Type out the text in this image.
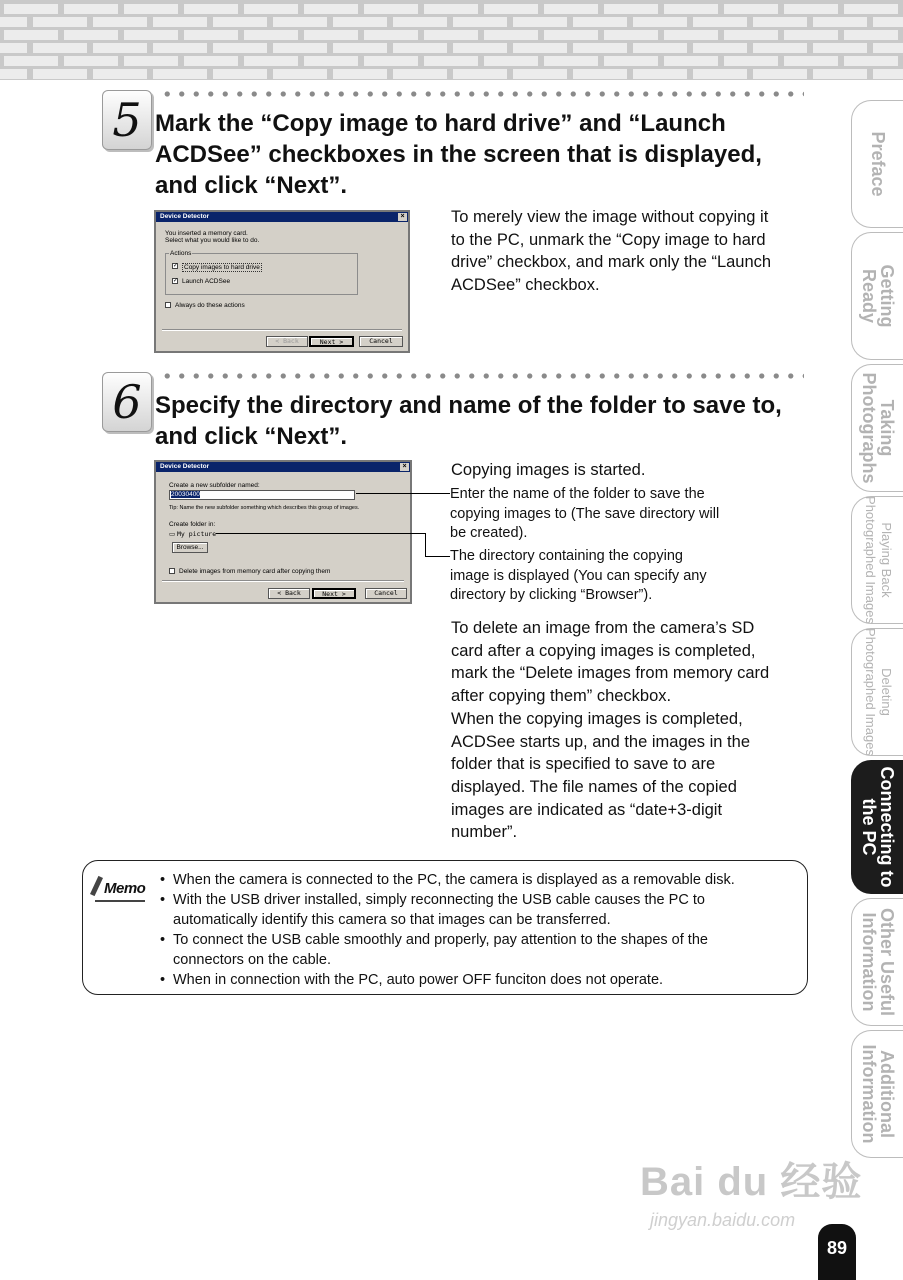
5 Mark the “Copy image to hard drive” and “Launch
ACDSee” checkboxes in the screen that is displayed,
and click “Next”.
Device Detector	×
You inserted a memory card.
Select what you would like to do.
Actions
✓ Copy images to hard drive
✓ Launch ACDSee
Always do these actions
< Back	Next >	Cancel
To merely view the image without copying it
to the PC, unmark the “Copy image to hard
drive” checkbox, and mark only the “Launch
ACDSee” checkbox.
6 Specify the directory and name of the folder to save to,
and click “Next”.
Device Detector	×
Create a new subfolder named:
20030400
Tip: Name the new subfolder something which describes this group of images.
Create folder in:
▭ My picture
Browse...
Delete images from memory card after copying them
< Back	Next >	Cancel
Copying images is started.
Enter the name of the folder to save the
copying images to (The save directory will
be created).
The directory containing the copying
image is displayed (You can specify any
directory by clicking “Browser”).
To delete an image from the camera’s SD
card after a copying images is completed,
mark the “Delete images from memory card
after copying them” checkbox.
When the copying images is completed,
ACDSee starts up, and the images in the
folder that is specified to save to are
displayed. The file names of the copied
images are indicated as “date+3-digit
number”.
Memo
• When the camera is connected to the PC, the camera is displayed as a removable disk.
• With the USB driver installed, simply reconnecting the USB cable causes the PC to
automatically identify this camera so that images can be transferred.
• To connect the USB cable smoothly and properly, pay attention to the shapes of the
connectors on the cable.
• When in connection with the PC, auto power OFF funciton does not operate.
Preface
Getting
Ready
Taking
Photographs
Playing Back
Photographed Images
Deleting
Photographed Images
Connecting to
the PC
Other Useful
Information
Additional
Information
Bai du 经验
jingyan.baidu.com
89
